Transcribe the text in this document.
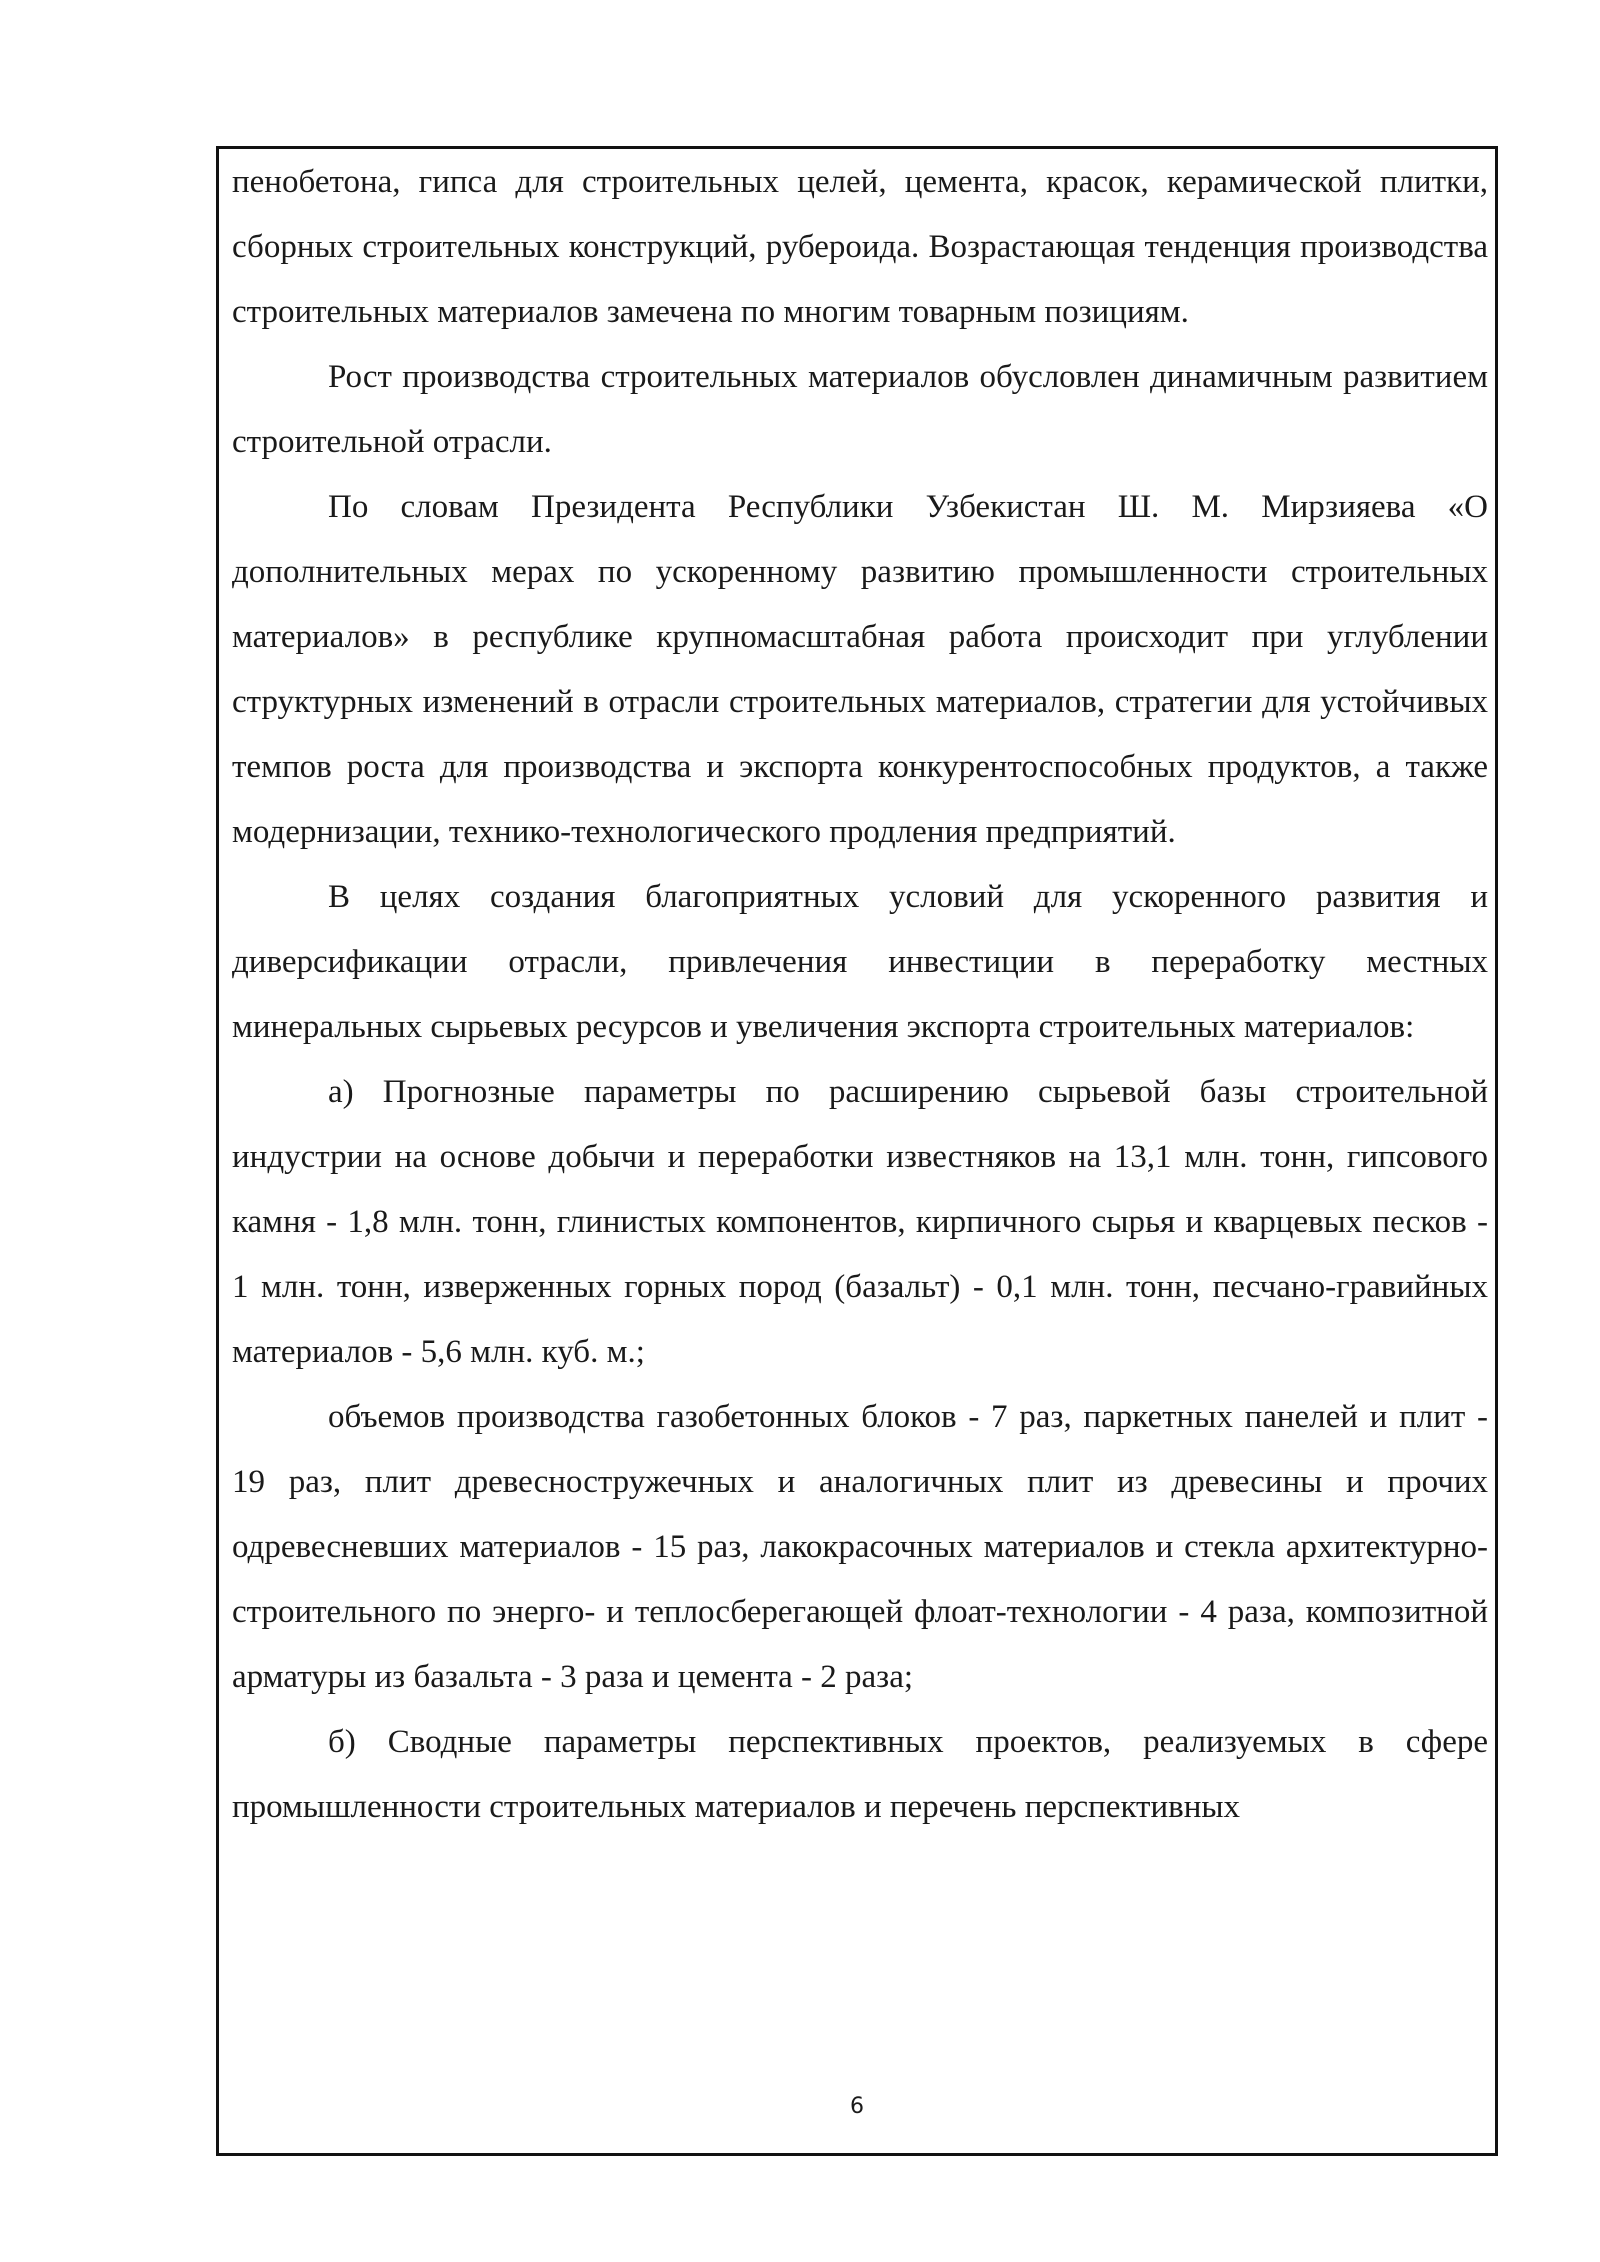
пенобетона, гипса для строительных целей, цемента, красок, керамической плитки, сборных строительных конструкций, рубероида. Возрастающая тенденция производства строительных материалов замечена по многим товарным позициям.

Рост производства строительных материалов обусловлен динамичным развитием строительной отрасли.

По словам Президента Республики Узбекистан Ш. М. Мирзияева «О дополнительных мерах по ускоренному развитию промышленности строительных материалов» в республике крупномасштабная работа происходит при углублении структурных изменений в отрасли строительных материалов, стратегии для устойчивых темпов роста для производства и экспорта конкурентоспособных продуктов, а также модернизации, технико-технологического продления предприятий.

В целях создания благоприятных условий для ускоренного развития и диверсификации отрасли, привлечения инвестиции в переработку местных минеральных сырьевых ресурсов и увеличения экспорта строительных материалов:

а) Прогнозные параметры по расширению сырьевой базы строительной индустрии на основе добычи и переработки известняков на 13,1 млн. тонн, гипсового камня - 1,8 млн. тонн, глинистых компонентов, кирпичного сырья и кварцевых песков - 1 млн. тонн, изверженных горных пород (базальт) - 0,1 млн. тонн, песчано-гравийных материалов - 5,6 млн. куб. м.;

объемов производства газобетонных блоков - 7 раз, паркетных панелей и плит - 19 раз, плит древесностружечных и аналогичных плит из древесины и прочих одревесневших материалов - 15 раз, лакокрасочных материалов и стекла архитектурно-строительного по энерго- и теплосберегающей флоат-технологии - 4 раза, композитной арматуры из базальта - 3 раза и цемента - 2 раза;

б) Сводные параметры перспективных проектов, реализуемых в сфере промышленности строительных материалов и перечень перспективных

6
